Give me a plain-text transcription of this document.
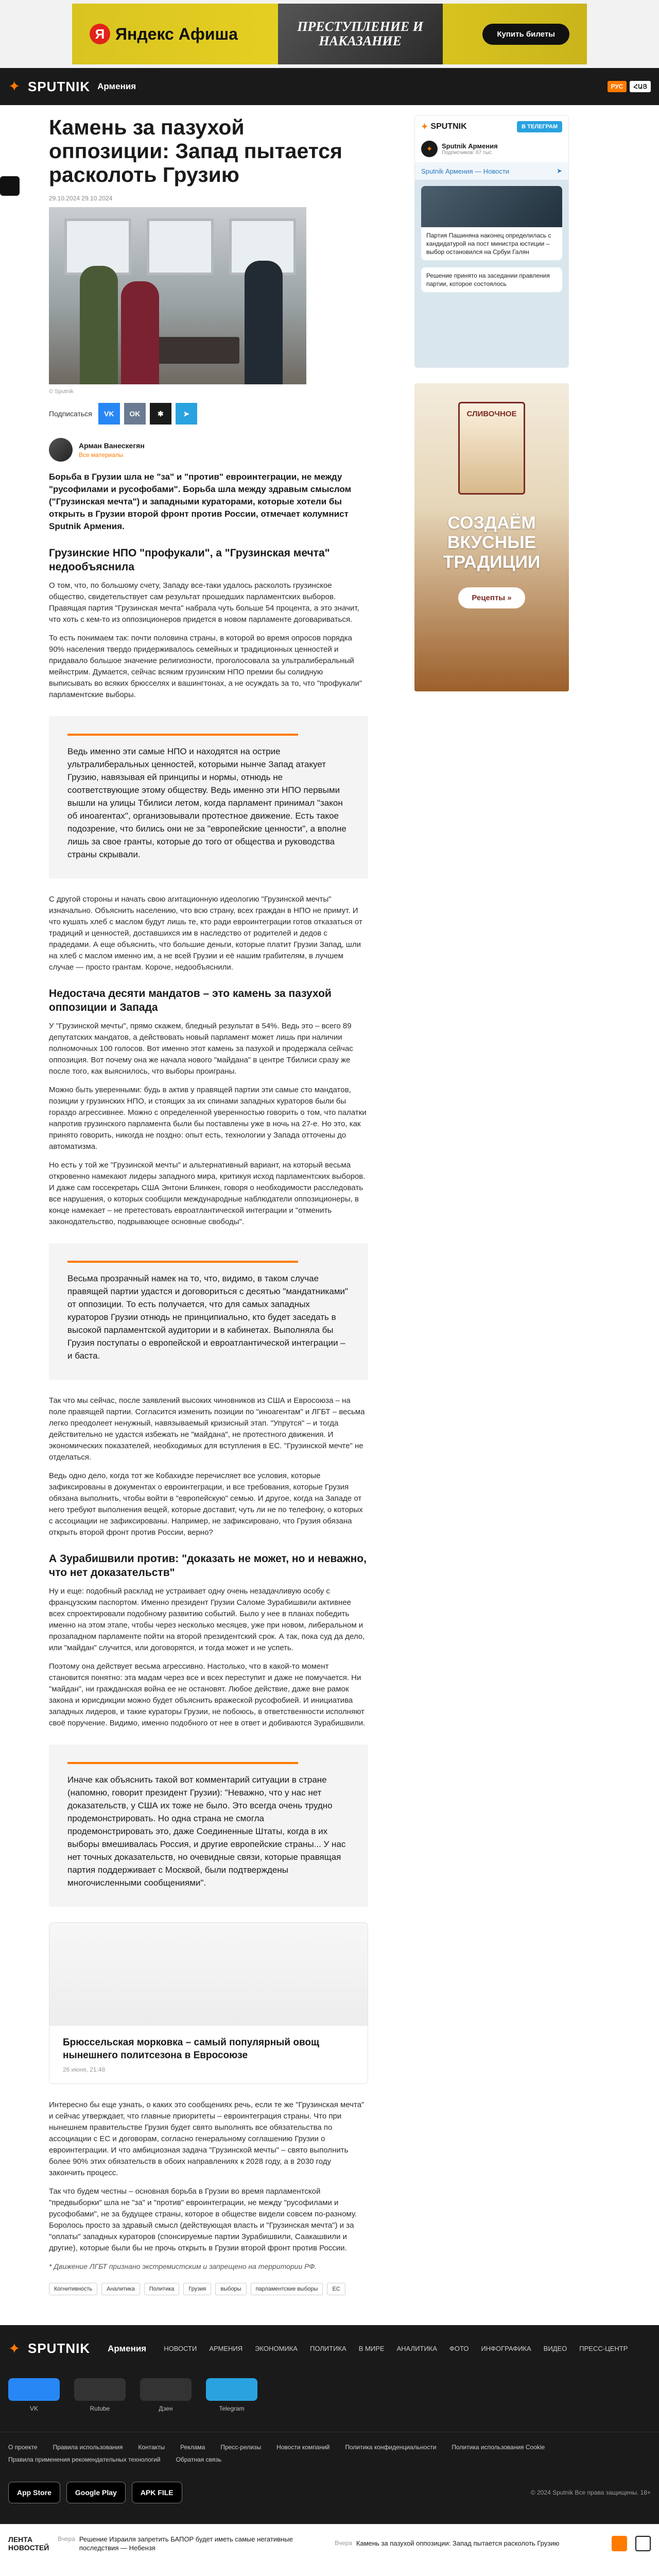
Я Яндекс Афиша	ПРЕСТУПЛЕНИЕ И НАКАЗАНИЕ	Купить билеты
✦ SPUTNIK Армения	РУС	ՀԱՅ
Камень за пазухой оппозиции: Запад пытается расколоть Грузию
29.10.2024 29.10.2024
© Sputnik
Подписаться	VK	OK	✱	➤
Арман Ванескегян
Все материалы
Борьба в Грузии шла не "за" и "против" евроинтеграции, не между "русофилами и русофобами". Борьба шла между здравым смыслом ("Грузинская мечта") и западными кураторами, которые хотели бы открыть в Грузии второй фронт против России, отмечает колумнист Sputnik Армения.
Грузинские НПО "профукали", а "Грузинская мечта" недообъяснила

О том, что, по большому счету, Западу все-таки удалось расколоть грузинское общество, свидетельствует сам результат прошедших парламентских выборов. Правящая партия "Грузинская мечта" набрала чуть больше 54 процента, а это значит, что хоть с кем-то из оппозиционеров придется в новом парламенте договариваться.

То есть понимаем так: почти половина страны, в которой во время опросов порядка 90% населения твердо придерживалось семейных и традиционных ценностей и придавало большое значение религиозности, проголосовала за ультралиберальный мейнстрим. Думается, сейчас всяким грузинским НПО премии бы солидную выписывать во всяких брюсселях и вашингтонах, а не осуждать за то, что "профукали" парламентские выборы.

Ведь именно эти самые НПО и находятся на острие ультралиберальных ценностей, которыми нынче Запад атакует Грузию, навязывая ей принципы и нормы, отнюдь не соответствующие этому обществу. Ведь именно эти НПО первыми вышли на улицы Тбилиси летом, когда парламент принимал "закон об иноагентах", организовывали протестное движение. Есть такое подозрение, что бились они не за "европейские ценности", а вполне лишь за свое гранты, которые до того от общества и руководства страны скрывали.

С другой стороны и начать свою агитационную идеологию "Грузинской мечты" изначально. Объяснить населению, что всю страну, всех граждан в НПО не примут. И что кушать хлеб с маслом будут лишь те, кто ради евроинтеграции готов отказаться от традиций и ценностей, доставшихся им в наследство от родителей и дедов с прадедами. А еще объяснить, что большие деньги, которые платит Грузии Запад, шли на хлеб с маслом именно им, а не всей Грузии и её нашим грабителям, в лучшем случае — просто грантам. Короче, недообъяснили.

Недостача десяти мандатов – это камень за пазухой оппозиции и Запада

У "Грузинской мечты", прямо скажем, бледный результат в 54%. Ведь это – всего 89 депутатских мандатов, а действовать новый парламент может лишь при наличии полномочных 100 голосов. Вот именно этот камень за пазухой и продержала сейчас оппозиция. Вот почему она же начала нового "майдана" в центре Тбилиси сразу же после того, как выяснилось, что выборы проиграны.

Можно быть уверенными: будь в актив у правящей партии эти самые сто мандатов, позиции у грузинских НПО, и стоящих за их спинами западных кураторов были бы гораздо агрессивнее. Можно с определенной уверенностью говорить о том, что палатки напротив грузинского парламента были бы поставлены уже в ночь на 27-е. Но это, как принято говорить, никогда не поздно: опыт есть, технологии у Запада отточены до автоматизма.

Но есть у той же "Грузинской мечты" и альтернативный вариант, на который весьма откровенно намекают лидеры западного мира, критикуя исход парламентских выборов. И даже сам госсекретарь США Энтони Блинкен, говоря о необходимости расследовать все нарушения, о которых сообщили международные наблюдатели оппозиционеры, в конце намекает – не претестовать евроатлантической интеграции и "отменить законодательство, подрывающее основные свободы".

Весьма прозрачный намек на то, что, видимо, в таком случае правящей партии удастся и договориться с десятью "мандатниками" от оппозиции. То есть получается, что для самых западных кураторов Грузии отнюдь не принципиально, кто будет заседать в высокой парламентской аудитории и в кабинетах. Выполняла бы Грузия поступаты о европейской и евроатлантической интеграции – и баста.

Так что мы сейчас, после заявлений высоких чиновников из США и Евросоюза – на поле правящей партии. Согласится изменить позиции по "иноагентам" и ЛГБТ – весьма легко преодолеет ненужный, навязываемый кризисный этап. "Упрутся" – и тогда действительно не удастся избежать не "майдана", не протестного движения. И экономических показателей, необходимых для вступления в ЕС. "Грузинской мечте" не отделаться.

Ведь одно дело, когда тот же Кобахидзе перечисляет все условия, которые зафиксированы в документах о евроинтеграции, и все требования, которые Грузия обязана выполнить, чтобы войти в "европейскую" семью. И другое, когда на Западе от него требуют выполнения вещей, которые доставит, чуть ли не по телефону, о которых с ассоциации не зафиксированы. Например, не зафиксировано, что Грузия обязана открыть второй фронт против России, верно?

А Зурабишвили против: "доказать не может, но и неважно, что нет доказательств"

Ну и еще: подобный расклад не устраивает одну очень незадачливую особу с французским паспортом. Именно президент Грузии Саломе Зурабишвили активнее всех спроектировали подобному развитию событий. Было у нее в планах победить именно на этом этапе, чтобы через несколько месяцев, уже при новом, либеральном и прозападном парламенте пойти на второй президентский срок. А так, пока суд да дело, или "майдан" случится, или договорятся, и тогда может и не успеть.

Поэтому она действует весьма агрессивно. Настолько, что в какой-то момент становится понятно: эта мадам через все и всех переступит и даже не помучается. Ни "майдан", ни гражданская война ее не остановят. Любое действие, даже вне рамок закона и юрисдикции можно будет объяснить вражеской русофобией. И инициатива западных лидеров, и такие кураторы Грузии, не побоюсь, в ответственности исполняют своё поручение. Видимо, именно подобного от нее в ответ и добиваются Зурабишвили.

Иначе как объяснить такой вот комментарий ситуации в стране (напомню, говорит президент Грузии): "Неважно, что у нас нет доказательств, у США их тоже не было. Это всегда очень трудно продемонстрировать. Но одна страна не смогла продемонстрировать это, даже Соединенные Штаты, когда в их выборы вмешивалась Россия, и другие европейские страны... У нас нет точных доказательств, но очевидные связи, которые правящая партия поддерживает с Москвой, были подтверждены многочисленными сообщениями".

Брюссельская морковка – самый популярный овощ нынешнего политсезона в Евросоюзе
26 июня, 21:48

Интересно бы еще узнать, о каких это сообщениях речь, если те же "Грузинская мечта" и сейчас утверждает, что главные приоритеты – евроинтеграция страны. Что при нынешнем правительстве Грузия будет свято выполнять все обязательства по ассоциации с ЕС и договорам, согласно генеральному соглашению Грузии о евроинтеграции. И что амбициозная задача "Грузинской мечты" – свято выполнить более 90% этих обязательств в обоих направлениях к 2028 году, а в 2030 году закончить процесс.

Так что будем честны – основная борьба в Грузии во время парламентской "предвыборки" шла не "за" и "против" евроинтеграции, не между "русофилами и русофобами", не за будущее страны, которое в обществе видели совсем по-разному. Боролось просто за здравый смысл (действующая власть и "Грузинская мечта") и за "оплаты" западных кураторов (спонсируемые партии Зурабишвили, Саакашвили и другие), которые были бы не прочь открыть в Грузии второй фронт против России.

* Движение ЛГБТ признано экстремистским и запрещено на территории РФ.
Когнитивность	Аналитика	Политика	Грузия	выборы	парламентские выборы	ЕС
✦ SPUTNIK	В ТЕЛЕГРАМ
✦	Sputnik Армения
Подписчиков: 67 тыс.
Sputnik Армения — Новости	➤
Партия Пашиняна наконец определилась с кандидатурой на пост министра юстиции – выбор остановился на Србуи Галян
Решение принято на заседании правления партии, которое состоялось
СЛИВОЧНОЕ
СОЗДАЁМ ВКУСНЫЕ ТРАДИЦИИ
Рецепты »
✦ SPUTNIK Армения	НОВОСТИ АРМЕНИЯ ЭКОНОМИКА ПОЛИТИКА В МИРЕ АНАЛИТИКА ФОТО ИНФОГРАФИКА ВИДЕО ПРЕСС-ЦЕНТР
VK	Rutube	Дзен	Telegram
О проекте	Правила использования	Контакты	Реклама	Пресс-релизы	Новости компаний	Политика конфиденциальности	Политика использования Cookie
Правила применения рекомендательных технологий	Обратная связь
App Store	Google Play	APK FILE	© 2024 Sputnik Все права защищены. 18+
ЛЕНТА НОВОСТЕЙ
Вчера Решение Израиля запретить БАПОР будет иметь самые негативные последствия — Небензя
Вчера Камень за пазухой оппозиции: Запад пытается расколоть Грузию
